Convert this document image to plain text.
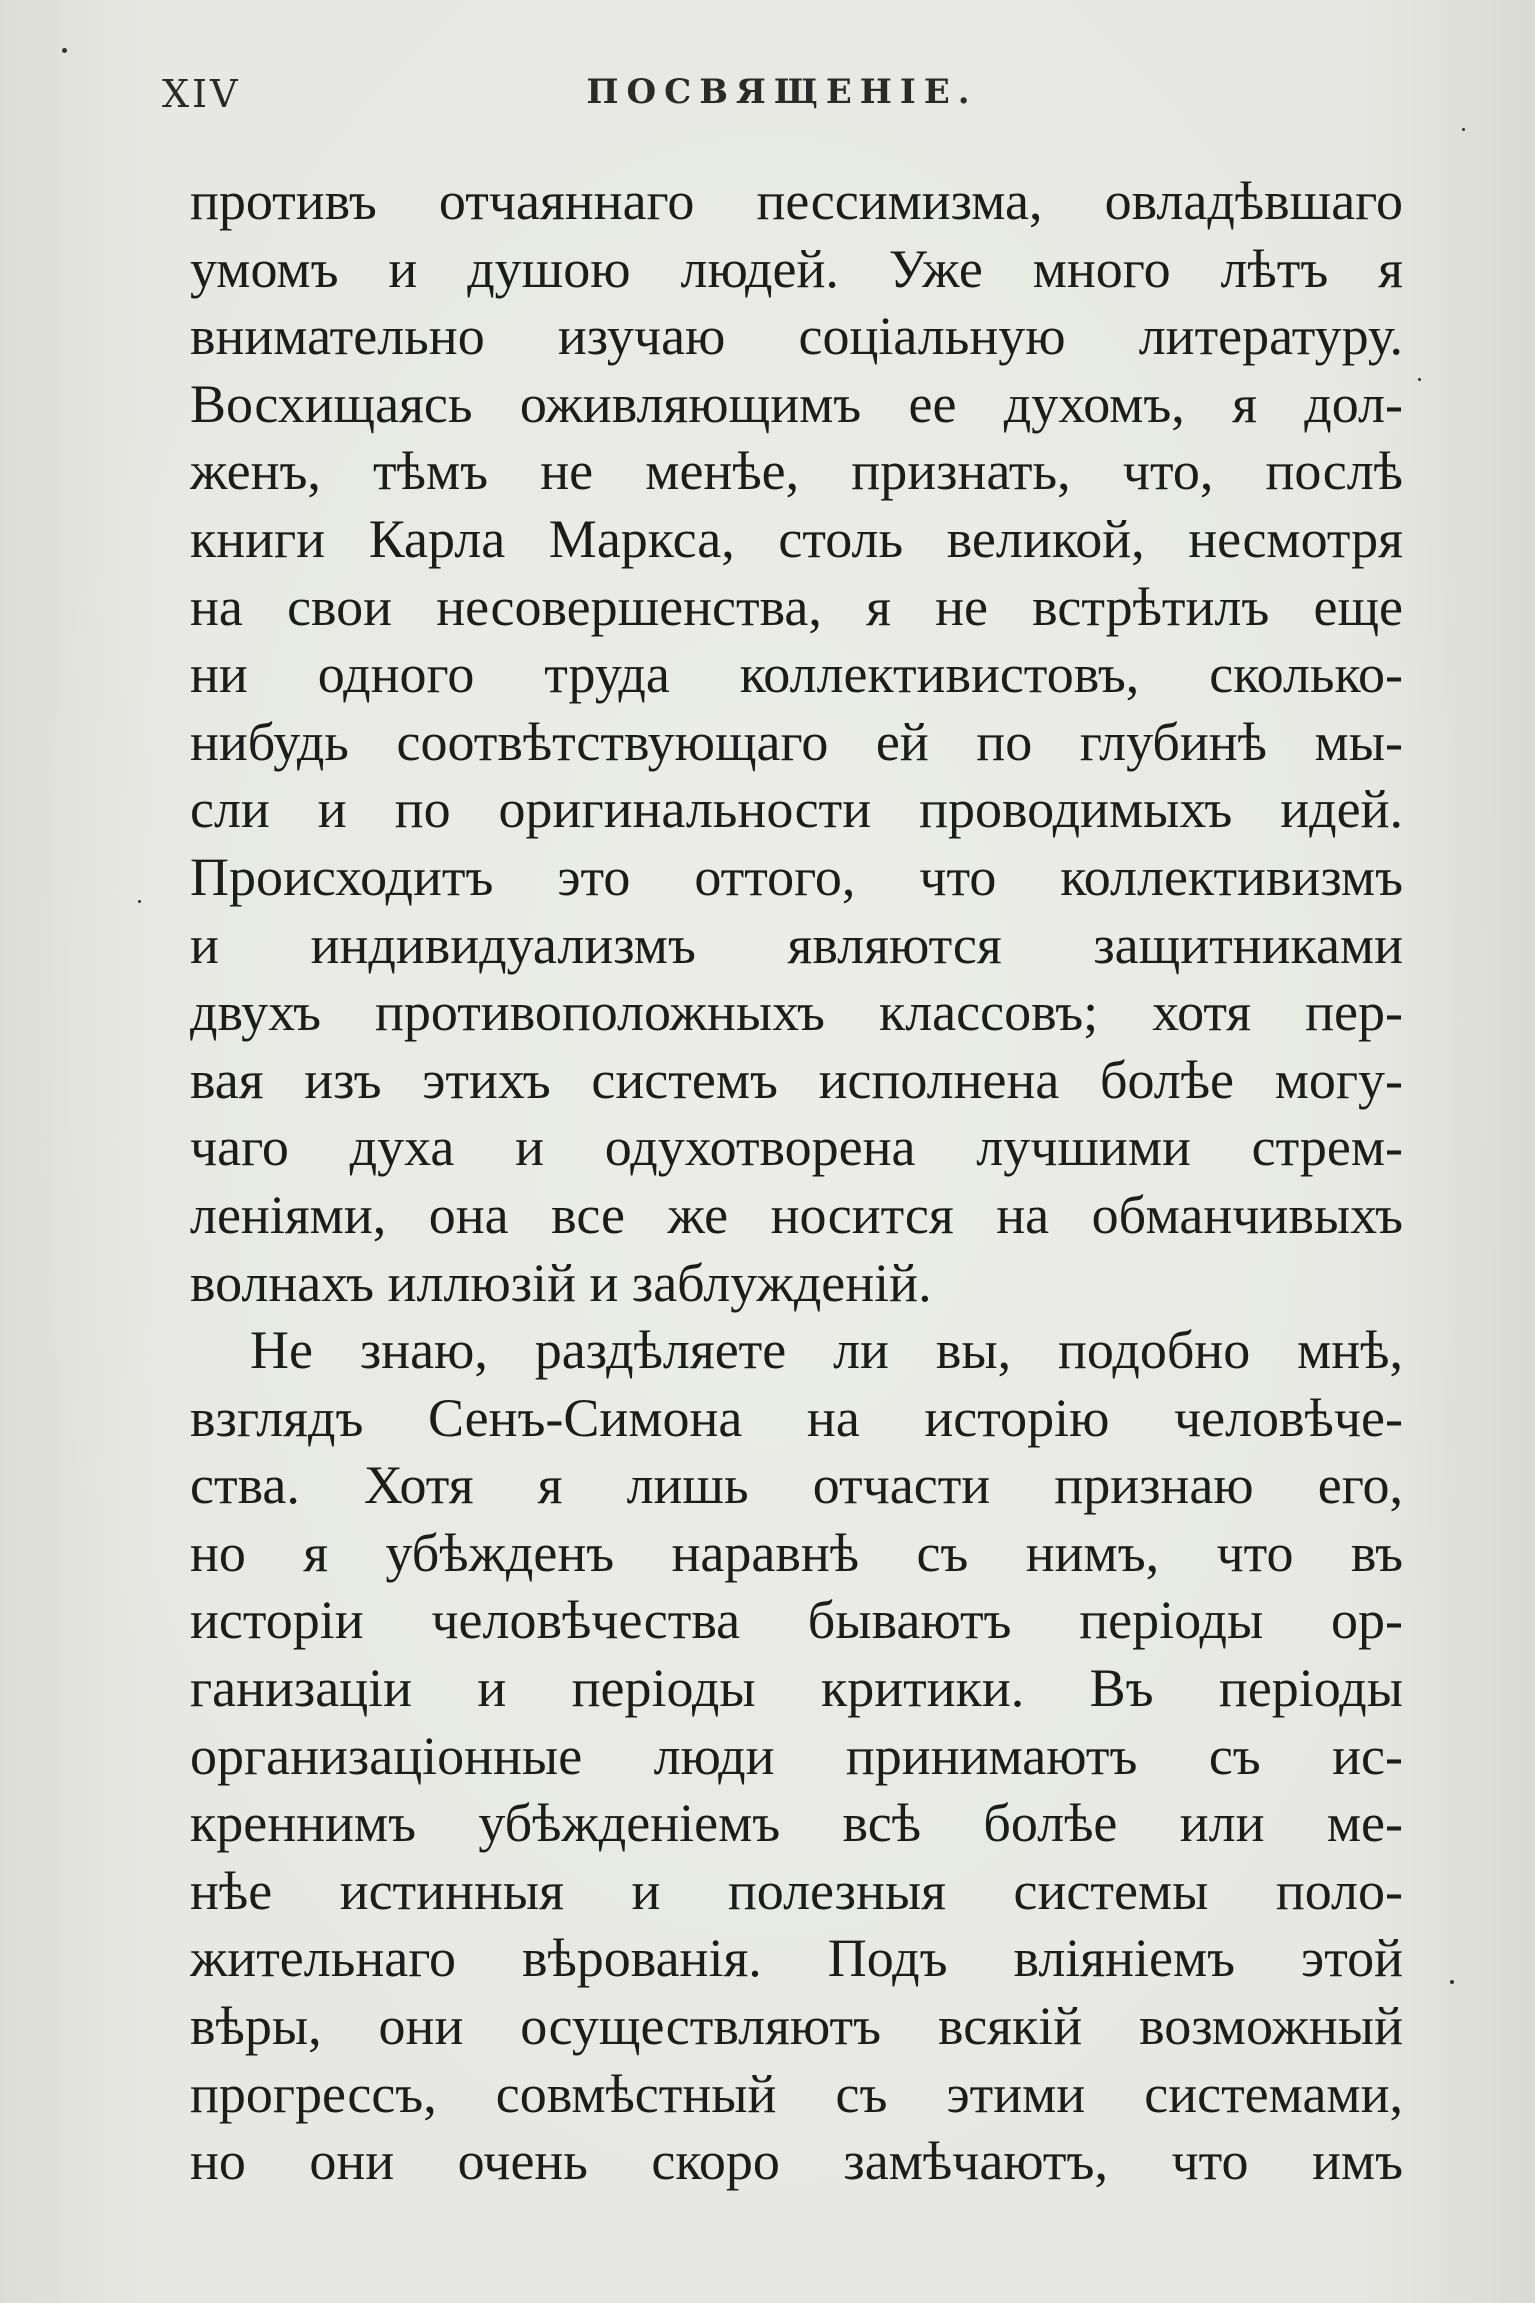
XIV	ПОСВЯЩЕНІЕ.
противъ отчаяннаго пессимизма, овладѣвшаго
умомъ и душою людей. Уже много лѣтъ я
внимательно изучаю соціальную литературу.
Восхищаясь оживляющимъ ее духомъ, я дол-
женъ, тѣмъ не менѣе, признать, что, послѣ
книги Карла Маркса, столь великой, несмотря
на свои несовершенства, я не встрѣтилъ еще
ни одного труда коллективистовъ, сколько-
нибудь соотвѣтствующаго ей по глубинѣ мы-
сли и по оригинальности проводимыхъ идей.
Происходитъ это оттого, что коллективизмъ
и индивидуализмъ являются защитниками
двухъ противоположныхъ классовъ; хотя пер-
вая изъ этихъ системъ исполнена болѣе могу-
чаго духа и одухотворена лучшими стрем-
леніями, она все же носится на обманчивыхъ
волнахъ иллюзій и заблужденій.
Не знаю, раздѣляете ли вы, подобно мнѣ,
взглядъ Сенъ-Симона на исторію человѣче-
ства. Хотя я лишь отчасти признаю его,
но я убѣжденъ наравнѣ съ нимъ, что въ
исторіи человѣчества бываютъ періоды ор-
ганизаціи и періоды критики. Въ періоды
организаціонные люди принимаютъ съ ис-
креннимъ убѣжденіемъ всѣ болѣе или ме-
нѣе истинныя и полезныя системы поло-
жительнаго вѣрованія. Подъ вліяніемъ этой
вѣры, они осуществляютъ всякій возможный
прогрессъ, совмѣстный съ этими системами,
но они очень скоро замѣчаютъ, что имъ
